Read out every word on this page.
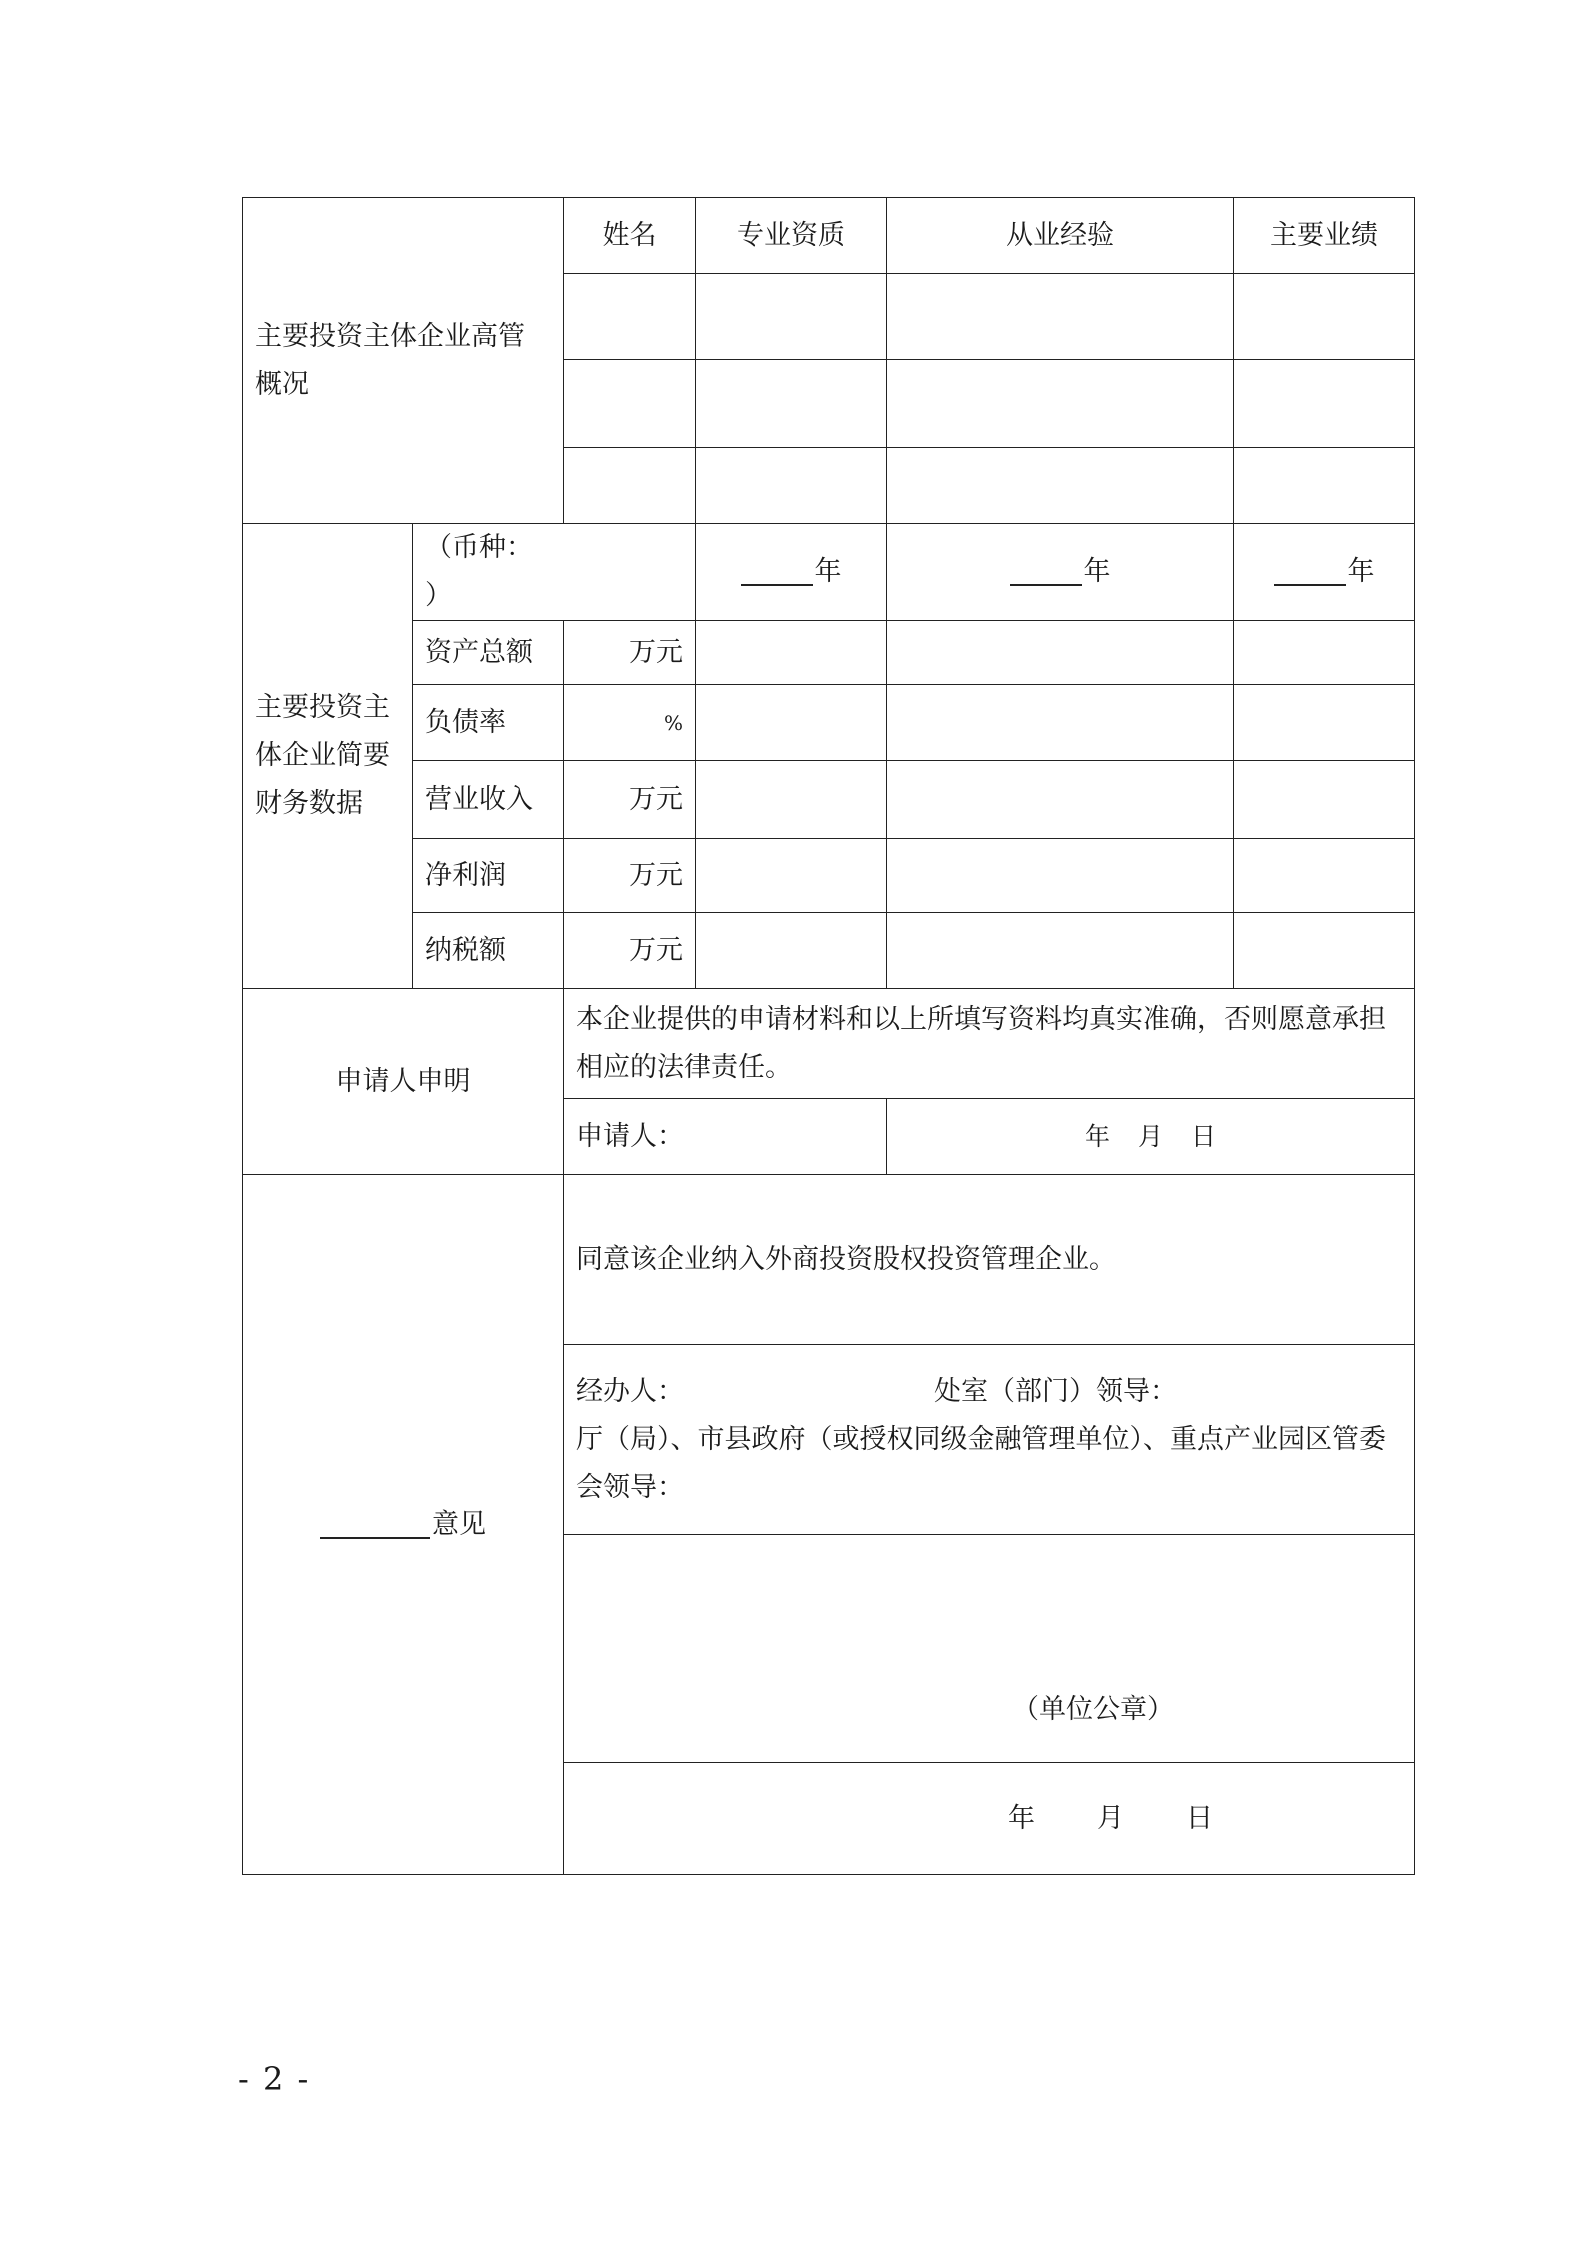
主要投资主体企业高管概况		姓名	专业资质	从业经验	主要业绩

主要投资主体企业简要财务数据	（币种：）		年	年	年
	资产总额	万元			
	负债率	%			
	营业收入	万元			
	净利润	万元			
	纳税额	万元			
申请人申明		本企业提供的申请材料和以上所填写资料均真实准确，否则愿意承担相应的法律责任。			
		申请人：		年 月 日	
意见		同意该企业纳入外商投资股权投资管理企业。			

		经办人： 处室（部门）领导：
厅（局）、市县政府（或授权同级金融管理单位）、重点产业园区管委会领导：			

		（单位公章）			
		年 月 日			
- 2 -
